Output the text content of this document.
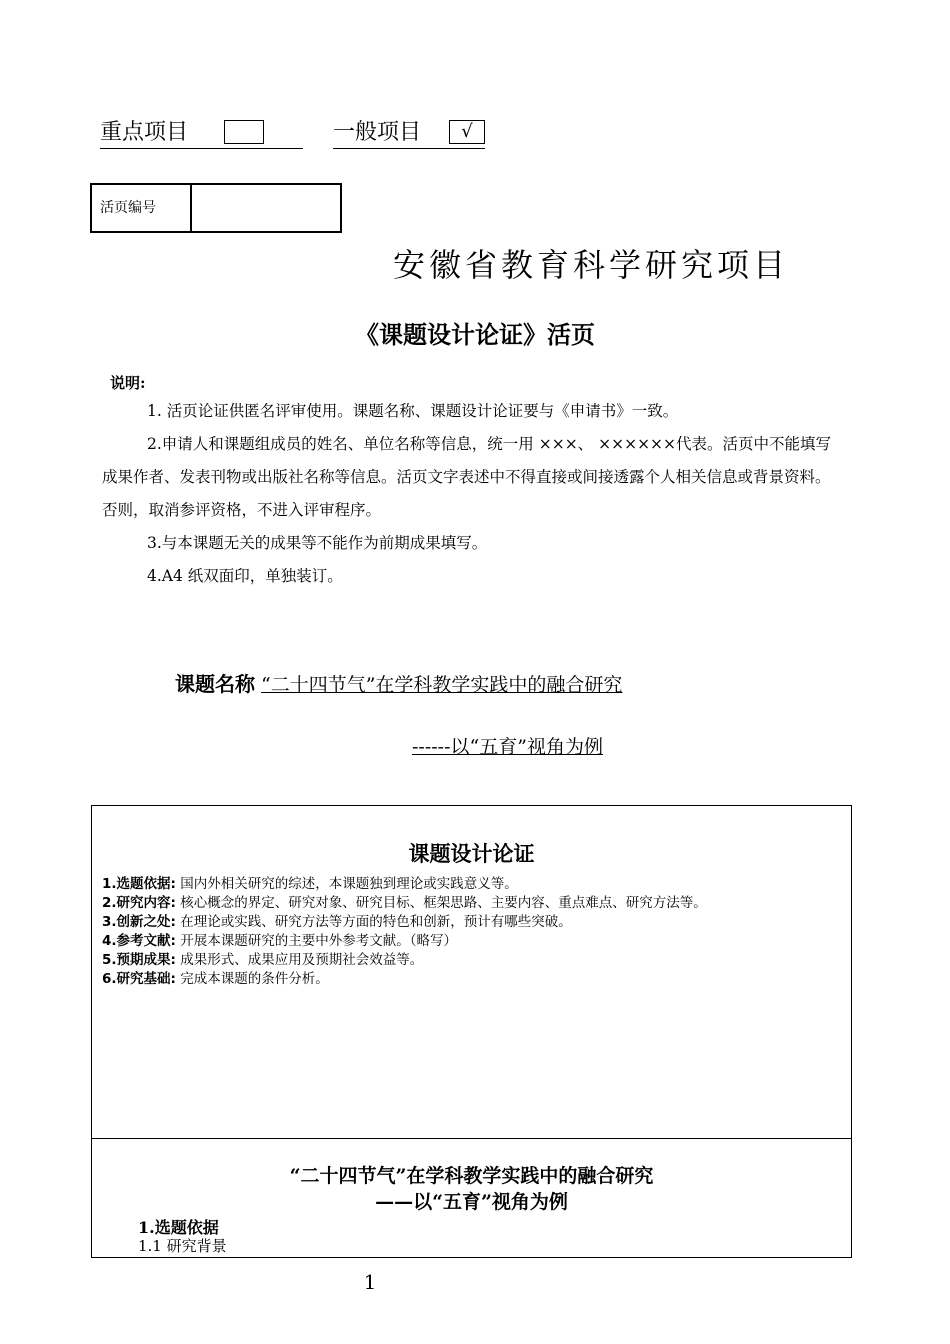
重点项目	一般项目	√
活页编号
安徽省教育科学研究项目
《课题设计论证》活页
说明:

1. 活页论证供匿名评审使用。课题名称、课题设计论证要与《申请书》一致。

2.申请人和课题组成员的姓名、单位名称等信息，统一用 ×××、 ××××××代表。活页中不能填写成果作者、发表刊物或出版社名称等信息。活页文字表述中不得直接或间接透露个人相关信息或背景资料。否则，取消参评资格，不进入评审程序。

3.与本课题无关的成果等不能作为前期成果填写。

4.A4 纸双面印，单独装订。

课题名称 “二十四节气”在学科教学实践中的融合研究
------以“五育”视角为例
课题设计论证

1.选题依据: 国内外相关研究的综述，本课题独到理论或实践意义等。

2.研究内容: 核心概念的界定、研究对象、研究目标、框架思路、主要内容、重点难点、研究方法等。

3.创新之处: 在理论或实践、研究方法等方面的特色和创新，预计有哪些突破。

4.参考文献: 开展本课题研究的主要中外参考文献。（略写）

5.预期成果: 成果形式、成果应用及预期社会效益等。

6.研究基础: 完成本课题的条件分析。

“二十四节气”在学科教学实践中的融合研究
——以“五育”视角为例
1.选题依据
1.1 研究背景
1
